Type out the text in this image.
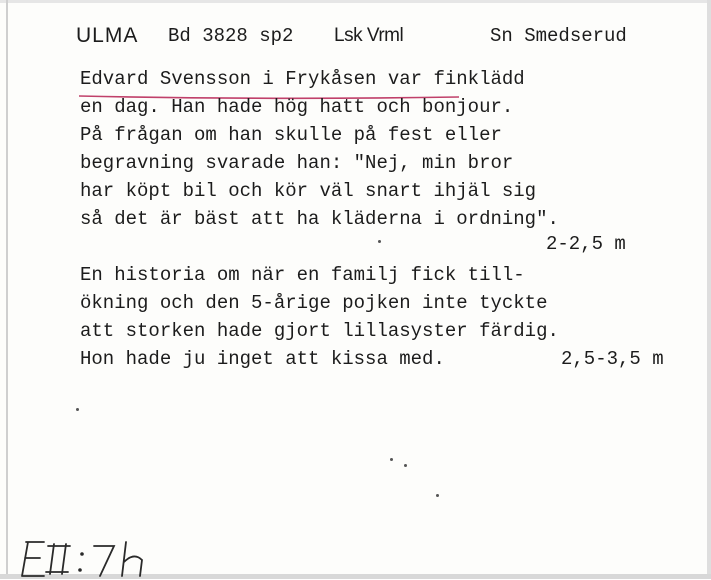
ULMA Bd 3828 sp2 Lsk Vrml	Sn Smedserud
Edvard Svensson i Frykåsen var finklädd
en dag. Han hade hög hatt och bonjour.
På frågan om han skulle på fest eller
begravning svarade han: "Nej, min bror
har köpt bil och kör väl snart ihjäl sig
så det är bäst att ha kläderna i ordning".
2-2,5 m
En historia om när en familj fick till-
ökning och den 5-årige pojken inte tyckte
att storken hade gjort lillasyster färdig.
Hon hade ju inget att kissa med.	2,5-3,5 m
